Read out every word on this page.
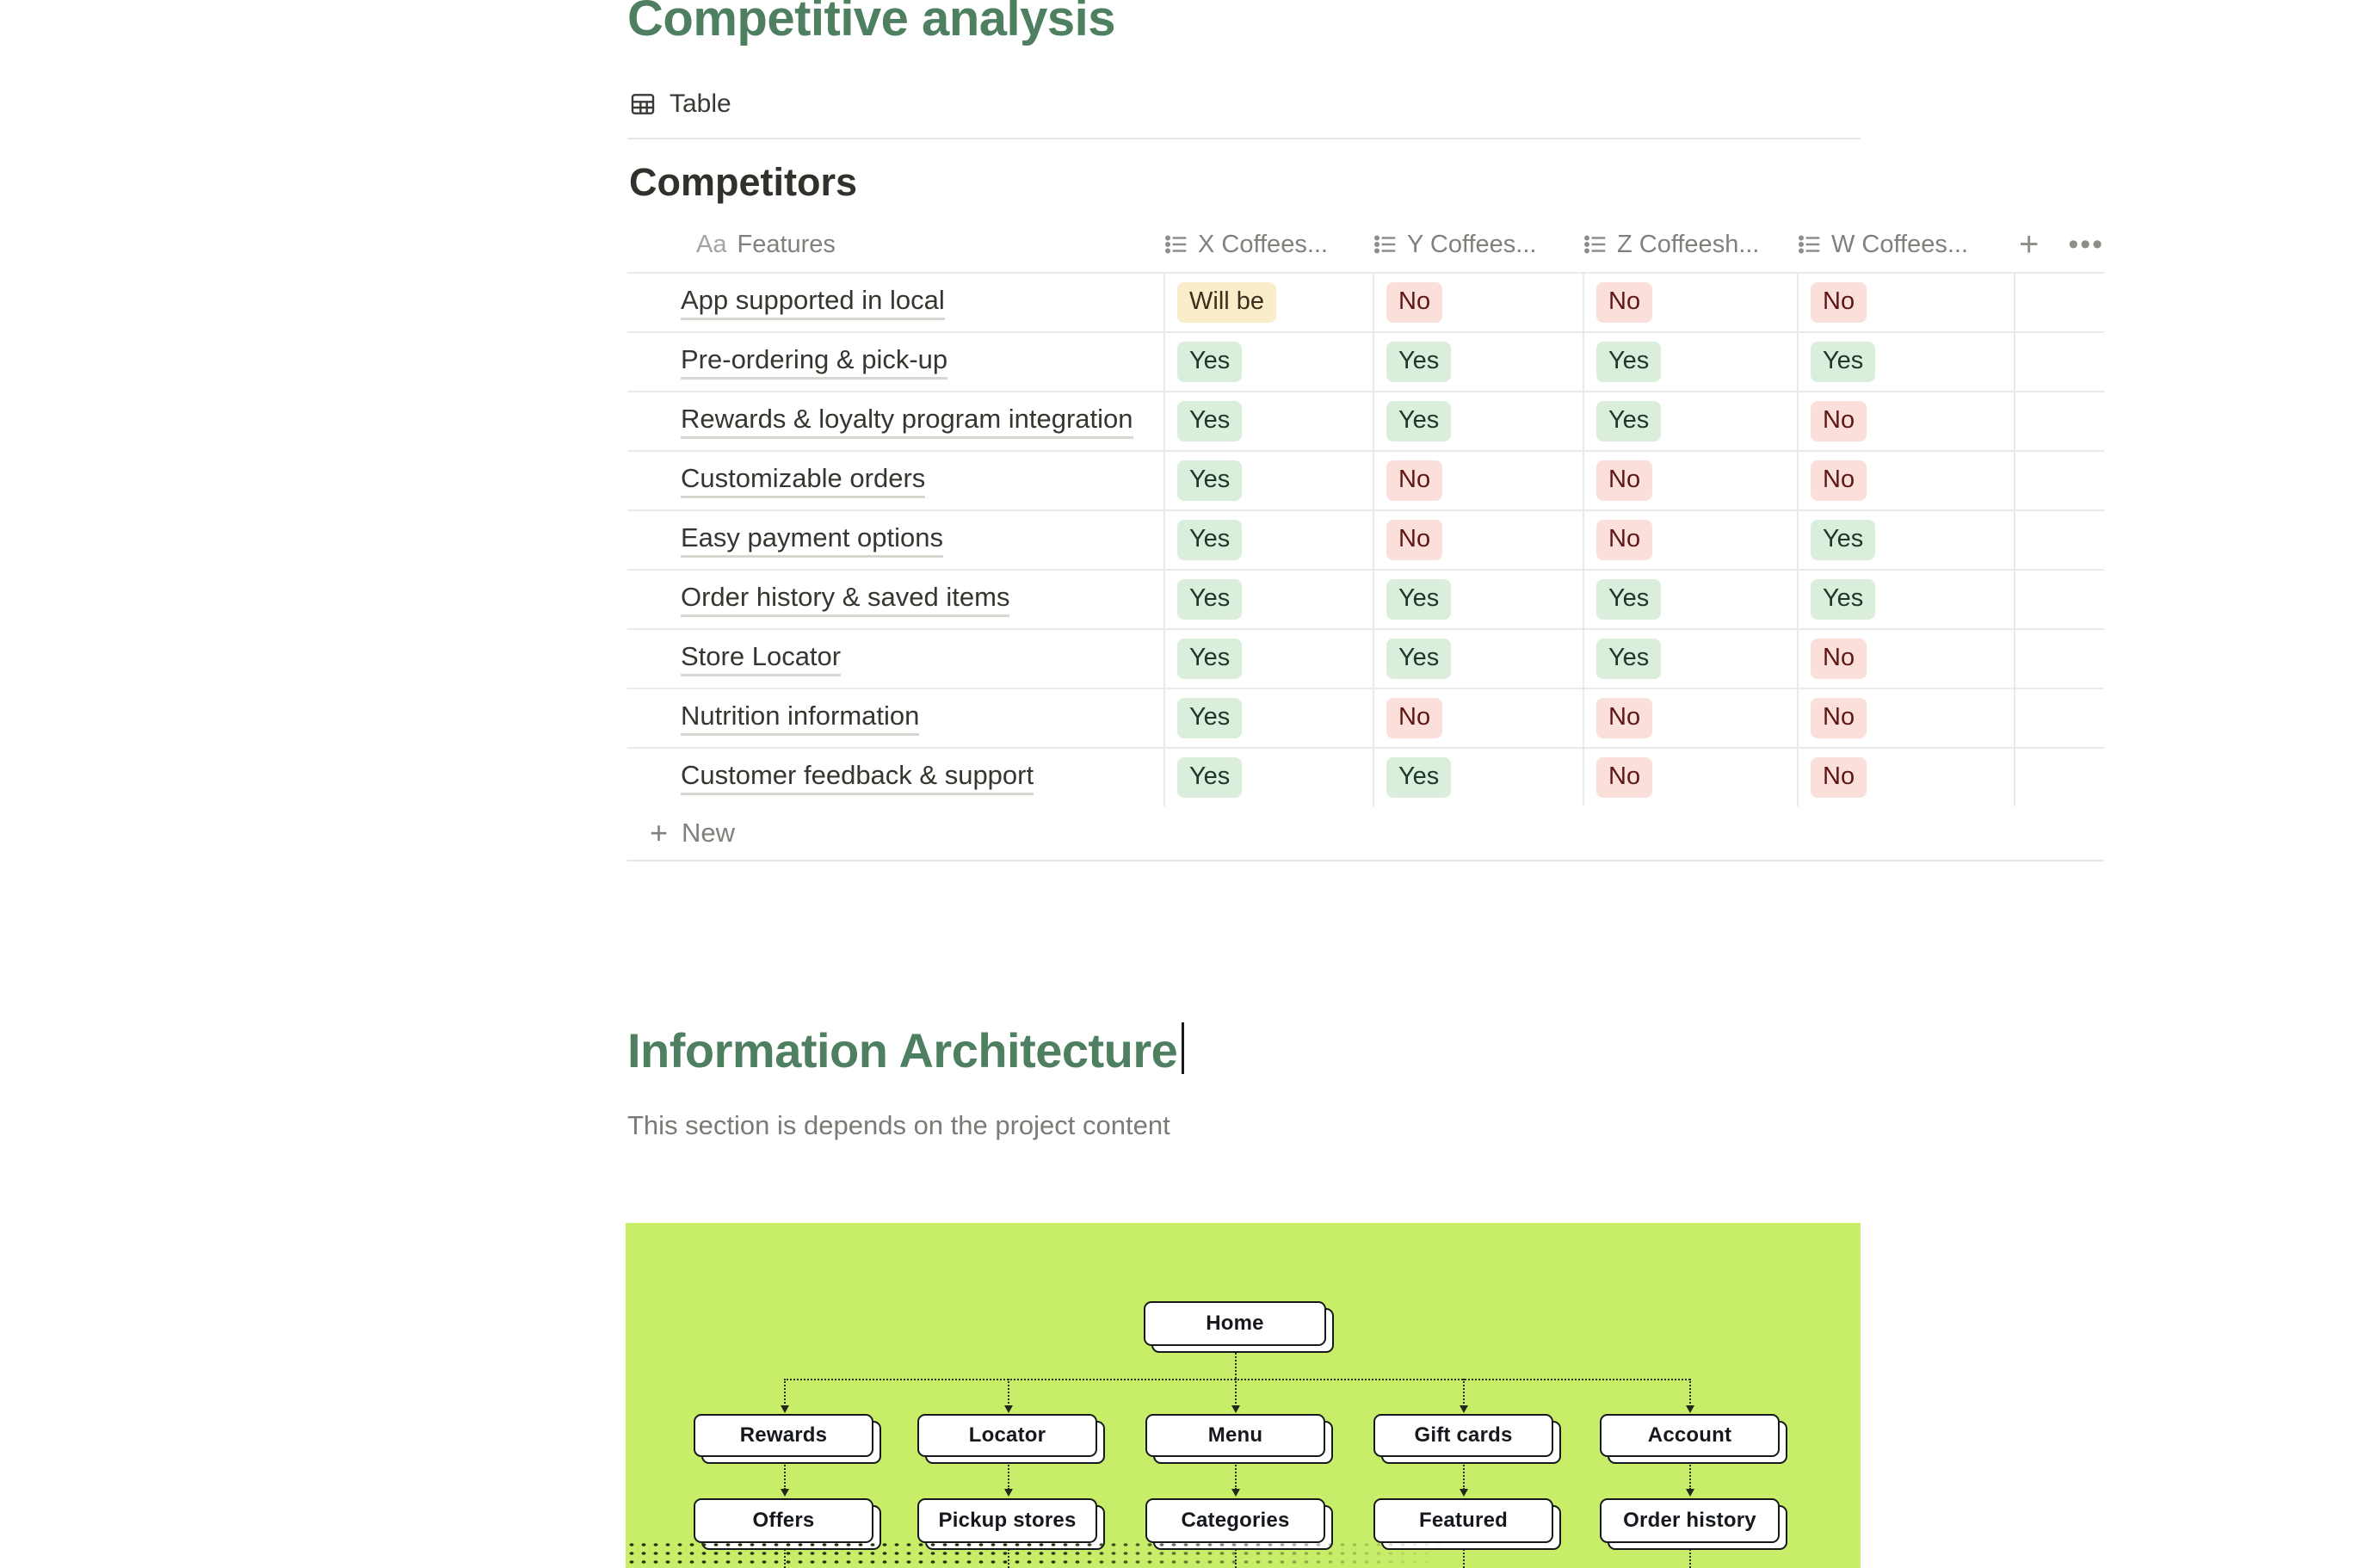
Competitive analysis
Table
Competitors
Aa Features	X Coffees...	Y Coffees...	Z Coffeesh...	W Coffees... + •••
App supported in local	Will be	No	No	No
Pre-ordering & pick-up	Yes	Yes	Yes	Yes
Rewards & loyalty program integration	Yes	Yes	Yes	No
Customizable orders	Yes	No	No	No
Easy payment options	Yes	No	No	Yes
Order history & saved items	Yes	Yes	Yes	Yes
Store Locator	Yes	Yes	Yes	No
Nutrition information	Yes	No	No	No
Customer feedback & support	Yes	Yes	No	No
+ New
Information Architecture
This section is depends on the project content
Home
Rewards	Locator	Menu	Gift cards	Account
Offers	Pickup stores	Categories	Featured	Order history
